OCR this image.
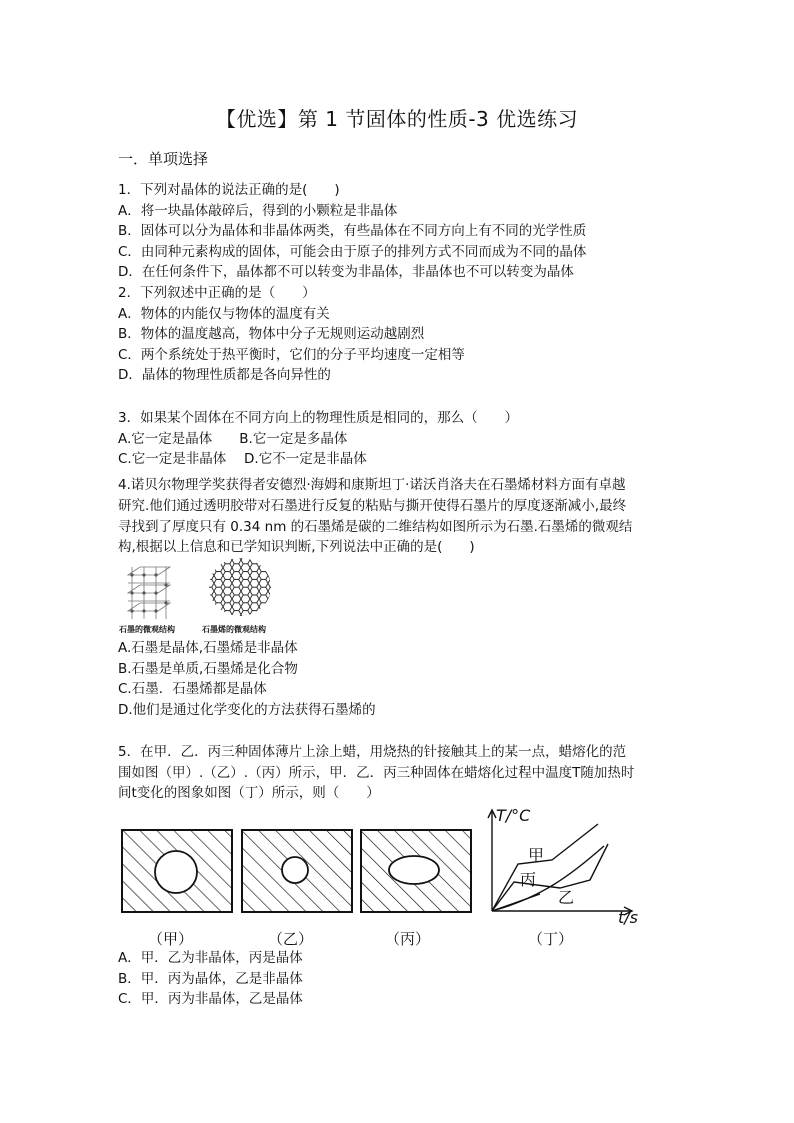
【优选】第 1 节固体的性质-3 优选练习
一．单项选择
1．下列对晶体的说法正确的是(　　)
A．将一块晶体敲碎后，得到的小颗粒是非晶体
B．固体可以分为晶体和非晶体两类，有些晶体在不同方向上有不同的光学性质
C．由同种元素构成的固体，可能会由于原子的排列方式不同而成为不同的晶体
D．在任何条件下，晶体都不可以转变为非晶体，非晶体也不可以转变为晶体
2．下列叙述中正确的是（　　）
A．物体的内能仅与物体的温度有关
B．物体的温度越高，物体中分子无规则运动越剧烈
C．两个系统处于热平衡时，它们的分子平均速度一定相等
D．晶体的物理性质都是各向异性的
3．如果某个固体在不同方向上的物理性质是相同的，那么（　　）
A.它一定是晶体　　B.它一定是多晶体
C.它一定是非晶体　 D.它不一定是非晶体
4.诺贝尔物理学奖获得者安德烈·海姆和康斯坦丁·诺沃肖洛夫在石墨烯材料方面有卓越
研究.他们通过透明胶带对石墨进行反复的粘贴与撕开使得石墨片的厚度逐渐减小,最终
寻找到了厚度只有 0.34 nm 的石墨烯是碳的二维结构如图所示为石墨.石墨烯的微观结
构,根据以上信息和已学知识判断,下列说法中正确的是(　　)
石墨的微观结构	石墨烯的微观结构
A.石墨是晶体,石墨烯是非晶体
B.石墨是单质,石墨烯是化合物
C.石墨．石墨烯都是晶体
D.他们是通过化学变化的方法获得石墨烯的
5．在甲．乙．丙三种固体薄片上涂上蜡，用烧热的针接触其上的某一点，蜡熔化的范
围如图（甲）.（乙）.（丙）所示，甲．乙．丙三种固体在蜡熔化过程中温度T随加热时
间t变化的图象如图（丁）所示，则（　　）
T/°C
t/s
甲
丙
乙
（甲）	（乙）	（丙）	（丁）
A．甲．乙为非晶体，丙是晶体
B．甲．丙为晶体，乙是非晶体
C．甲．丙为非晶体，乙是晶体
